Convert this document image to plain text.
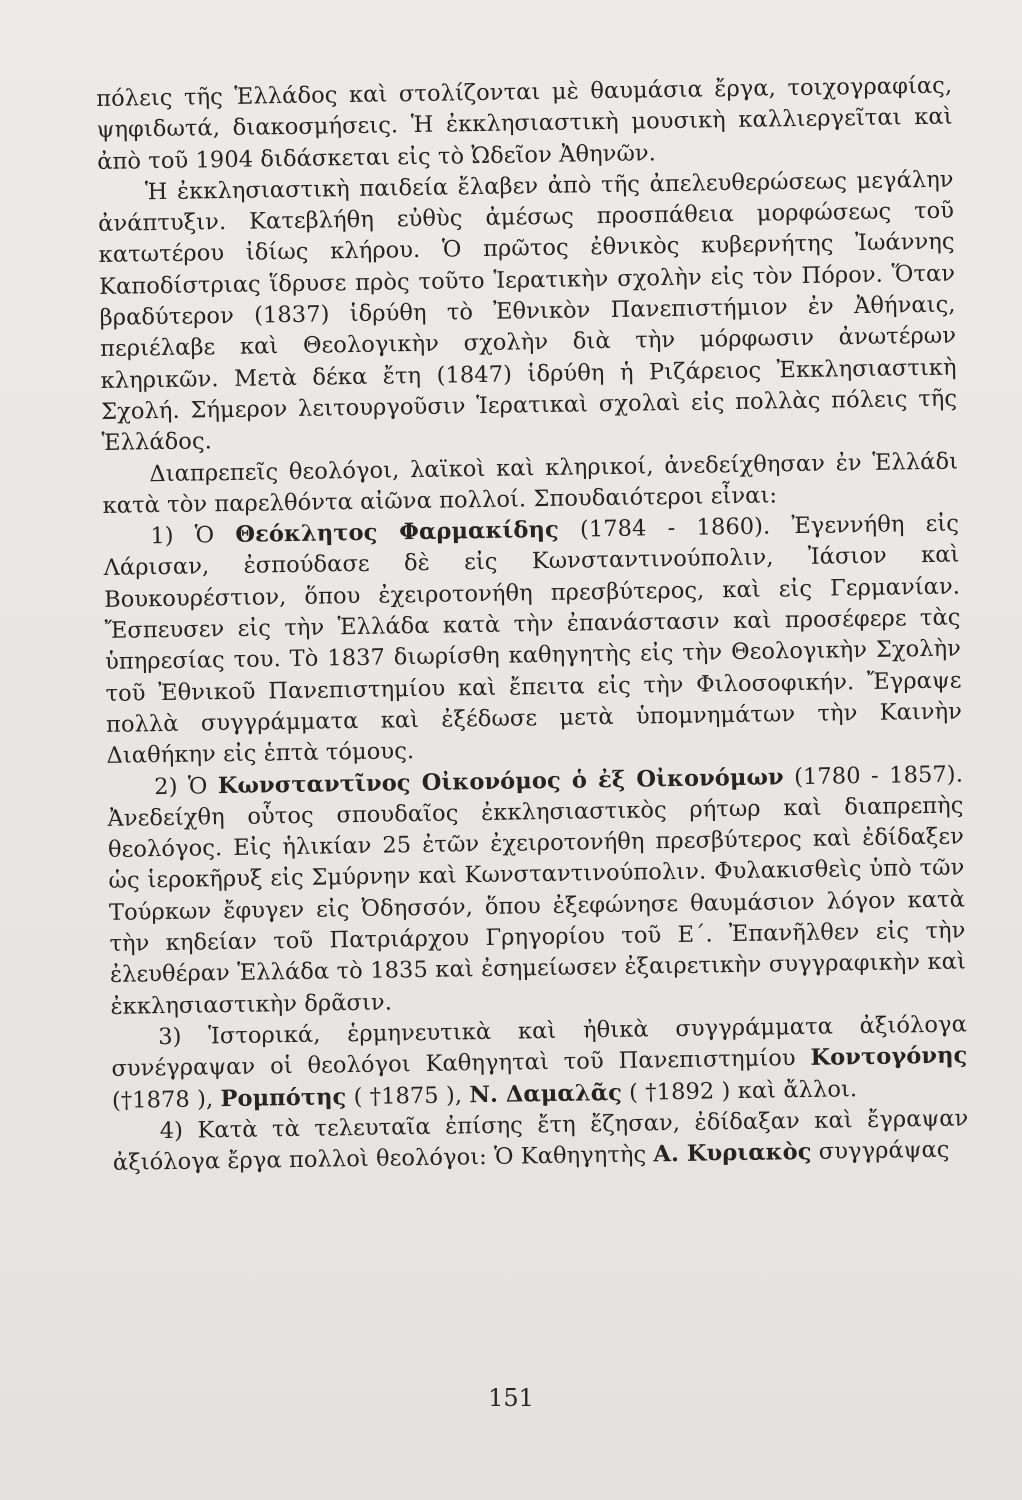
πόλεις τῆς Ἑλλάδος καὶ στολίζονται μὲ θαυμάσια ἔργα, τοιχογραφίας, ψηφιδωτά, διακοσμήσεις. Ἡ ἐκκλησιαστικὴ μουσικὴ καλλιεργεῖται καὶ ἀπὸ τοῦ 1904 διδάσκεται εἰς τὸ Ὠδεῖον Ἀθηνῶν.

Ἡ ἐκκλησιαστικὴ παιδεία ἔλαβεν ἀπὸ τῆς ἀπελευθερώσεως μεγάλην ἀνάπτυξιν. Κατεβλήθη εὐθὺς ἀμέσως προσπάθεια μορφώσεως τοῦ κατωτέρου ἰδίως κλήρου. Ὁ πρῶτος ἐθνικὸς κυβερνήτης Ἰωάννης Καποδίστριας ἵδρυσε πρὸς τοῦτο Ἱερατικὴν σχολὴν εἰς τὸν Πόρον. Ὅταν βραδύτερον (1837) ἱδρύθη τὸ Ἐθνικὸν Πανεπιστήμιον ἐν Ἀθήναις, περιέλαβε καὶ Θεολογικὴν σχολὴν διὰ τὴν μόρφωσιν ἀνωτέρων κληρικῶν. Μετὰ δέκα ἔτη (1847) ἱδρύθη ἡ Ριζάρειος Ἐκκλησιαστικὴ Σχολή. Σήμερον λειτουργοῦσιν Ἱερατικαὶ σχολαὶ εἰς πολλὰς πόλεις τῆς Ἑλλάδος.

Διαπρεπεῖς θεολόγοι, λαϊκοὶ καὶ κληρικοί, ἀνεδείχθησαν ἐν Ἑλλάδι κατὰ τὸν παρελθόντα αἰῶνα πολλοί. Σπουδαιότεροι εἶναι:

1) Ὁ Θεόκλητος Φαρμακίδης (1784 - 1860). Ἐγεννήθη εἰς Λάρισαν, ἐσπούδασε δὲ εἰς Κωνσταντινούπολιν, Ἰάσιον καὶ Βουκουρέστιον, ὅπου ἐχειροτονήθη πρεσβύτερος, καὶ εἰς Γερμανίαν. Ἔσπευσεν εἰς τὴν Ἑλλάδα κατὰ τὴν ἐπανάστασιν καὶ προσέφερε τὰς ὑπηρεσίας του. Τὸ 1837 διωρίσθη καθηγητὴς εἰς τὴν Θεολογικὴν Σχολὴν τοῦ Ἐθνικοῦ Πανεπιστημίου καὶ ἔπειτα εἰς τὴν Φιλοσοφικήν. Ἔγραψε πολλὰ συγγράμματα καὶ ἐξέδωσε μετὰ ὑπομνημάτων τὴν Καινὴν Διαθήκην εἰς ἑπτὰ τόμους.

2) Ὁ Κωνσταντῖνος Οἰκονόμος ὁ ἐξ Οἰκονόμων (1780 - 1857). Ἀνεδείχθη οὗτος σπουδαῖος ἐκκλησιαστικὸς ρήτωρ καὶ διαπρεπὴς θεολόγος. Εἰς ἡλικίαν 25 ἐτῶν ἐχειροτονήθη πρεσβύτερος καὶ ἐδίδαξεν ὡς ἱεροκῆρυξ εἰς Σμύρνην καὶ Κωνσταντινούπολιν. Φυλακισθεὶς ὑπὸ τῶν Τούρκων ἔφυγεν εἰς Ὀδησσόν, ὅπου ἐξεφώνησε θαυμάσιον λόγον κατὰ τὴν κηδείαν τοῦ Πατριάρχου Γρηγορίου τοῦ Ε΄. Ἐπανῆλθεν εἰς τὴν ἐλευθέραν Ἑλλάδα τὸ 1835 καὶ ἐσημείωσεν ἐξαιρετικὴν συγγραφικὴν καὶ ἐκκλησιαστικὴν δρᾶσιν.

3) Ἱστορικά, ἑρμηνευτικὰ καὶ ἠθικὰ συγγράμματα ἀξιόλογα συνέγραψαν οἱ θεολόγοι Καθηγηταὶ τοῦ Πανεπιστημίου Κοντογόνης (†1878 ), Ρομπότης ( †1875 ), Ν. Δαμαλᾶς ( †1892 ) καὶ ἄλλοι.

4) Κατὰ τὰ τελευταῖα ἐπίσης ἔτη ἔζησαν, ἐδίδαξαν καὶ ἔγραψαν ἀξιόλογα ἔργα πολλοὶ θεολόγοι: Ὁ Καθηγητὴς Α. Κυριακὸς συγγράψας

151
